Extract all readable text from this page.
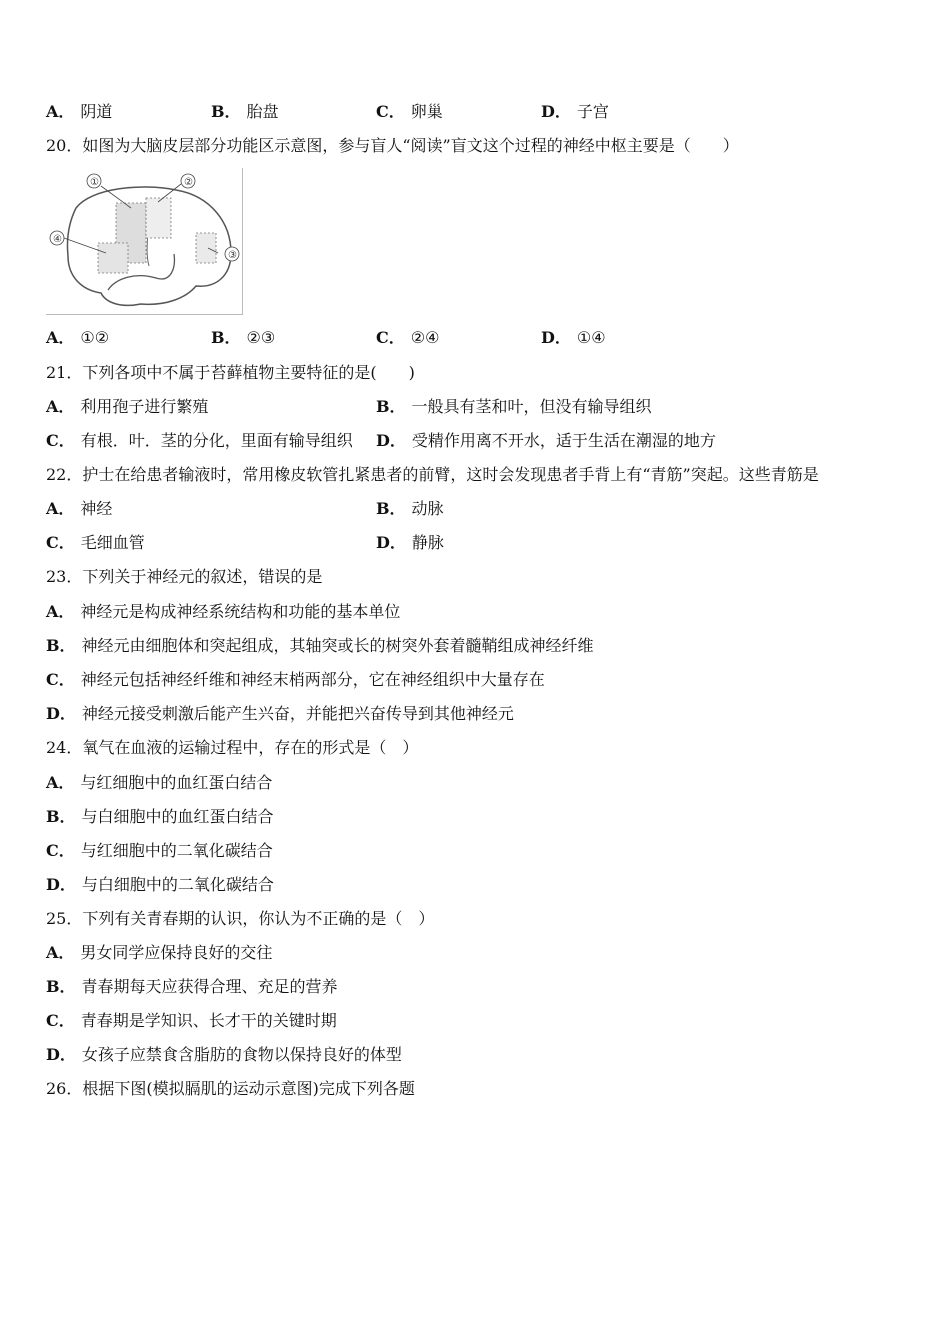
A． 阴道	B． 胎盘	C． 卵巢	D． 子宫
20．如图为大脑皮层部分功能区示意图，参与盲人“阅读”盲文这个过程的神经中枢主要是（　　）
①	②
③
④
A． ①②	B． ②③	C． ②④	D． ①④
21．下列各项中不属于苔藓植物主要特征的是(　　)
A． 利用孢子进行繁殖	B． 一般具有茎和叶，但没有输导组织
C． 有根．叶．茎的分化，里面有输导组织 D． 受精作用离不开水，适于生活在潮湿的地方
22．护士在给患者输液时，常用橡皮软管扎紧患者的前臂，这时会发现患者手背上有“青筋”突起。这些青筋是
A． 神经	B． 动脉
C． 毛细血管	D． 静脉
23．下列关于神经元的叙述，错误的是
A． 神经元是构成神经系统结构和功能的基本单位
B． 神经元由细胞体和突起组成，其轴突或长的树突外套着髓鞘组成神经纤维
C． 神经元包括神经纤维和神经末梢两部分，它在神经组织中大量存在
D． 神经元接受刺激后能产生兴奋，并能把兴奋传导到其他神经元
24．氧气在血液的运输过程中，存在的形式是（　）
A． 与红细胞中的血红蛋白结合
B． 与白细胞中的血红蛋白结合
C． 与红细胞中的二氧化碳结合
D． 与白细胞中的二氧化碳结合
25．下列有关青春期的认识，你认为不正确的是（　）
A． 男女同学应保持良好的交往
B． 青春期每天应获得合理、充足的营养
C． 青春期是学知识、长才干的关键时期
D． 女孩子应禁食含脂肪的食物以保持良好的体型
26．根据下图(模拟膈肌的运动示意图)完成下列各题
